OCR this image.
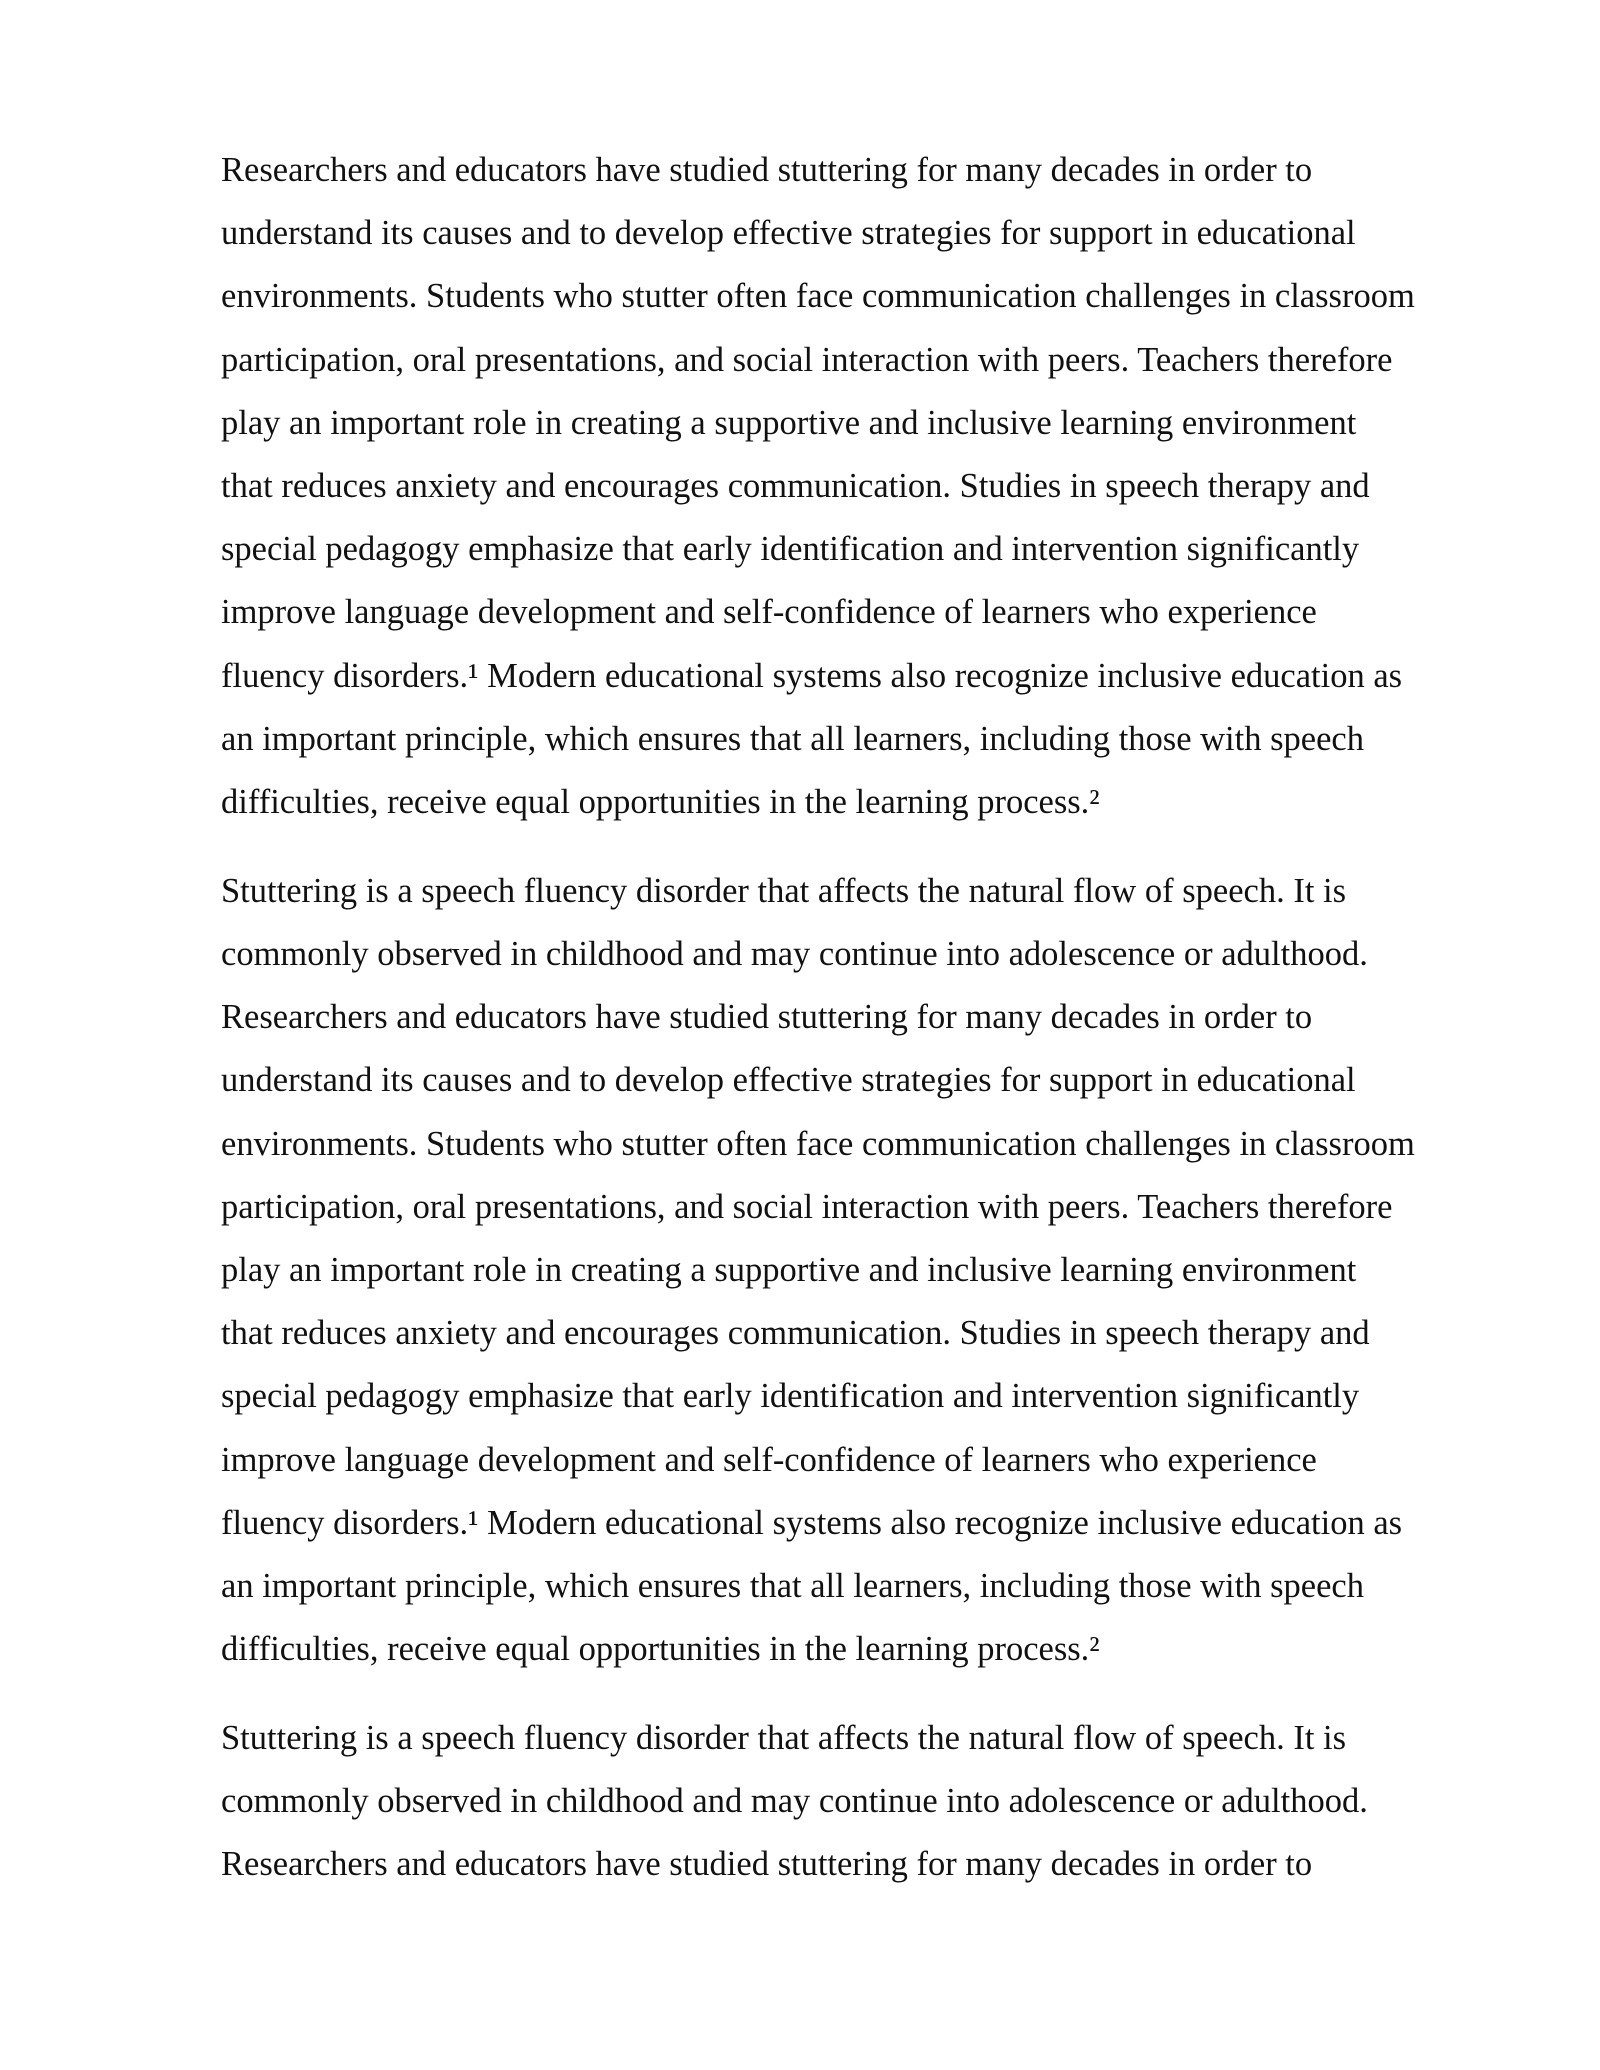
Researchers and educators have studied stuttering for many decades in order to
understand its causes and to develop effective strategies for support in educational
environments. Students who stutter often face communication challenges in classroom
participation, oral presentations, and social interaction with peers. Teachers therefore
play an important role in creating a supportive and inclusive learning environment
that reduces anxiety and encourages communication. Studies in speech therapy and
special pedagogy emphasize that early identification and intervention significantly
improve language development and self-confidence of learners who experience
fluency disorders.¹ Modern educational systems also recognize inclusive education as
an important principle, which ensures that all learners, including those with speech
difficulties, receive equal opportunities in the learning process.²

Stuttering is a speech fluency disorder that affects the natural flow of speech. It is
commonly observed in childhood and may continue into adolescence or adulthood.
Researchers and educators have studied stuttering for many decades in order to
understand its causes and to develop effective strategies for support in educational
environments. Students who stutter often face communication challenges in classroom
participation, oral presentations, and social interaction with peers. Teachers therefore
play an important role in creating a supportive and inclusive learning environment
that reduces anxiety and encourages communication. Studies in speech therapy and
special pedagogy emphasize that early identification and intervention significantly
improve language development and self-confidence of learners who experience
fluency disorders.¹ Modern educational systems also recognize inclusive education as
an important principle, which ensures that all learners, including those with speech
difficulties, receive equal opportunities in the learning process.²

Stuttering is a speech fluency disorder that affects the natural flow of speech. It is
commonly observed in childhood and may continue into adolescence or adulthood.
Researchers and educators have studied stuttering for many decades in order to
